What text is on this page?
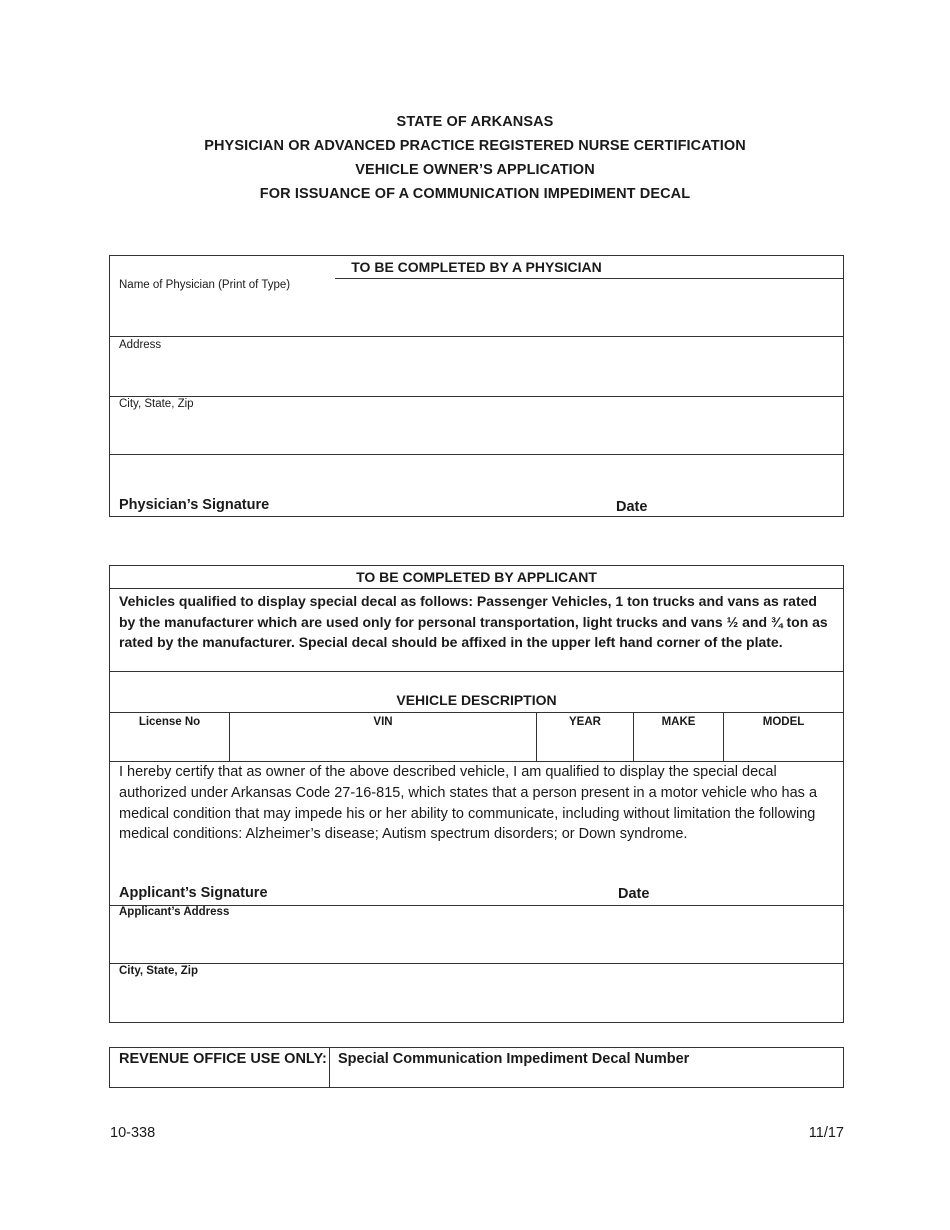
STATE OF ARKANSAS
PHYSICIAN OR ADVANCED PRACTICE REGISTERED NURSE CERTIFICATION
VEHICLE OWNER’S APPLICATION
FOR ISSUANCE OF A COMMUNICATION IMPEDIMENT DECAL
TO BE COMPLETED BY A PHYSICIAN
Name of Physician (Print of Type)
Address
City, State, Zip
Physician’s Signature	Date
TO BE COMPLETED BY APPLICANT
Vehicles qualified to display special decal as follows: Passenger Vehicles, 1 ton trucks and vans as rated by the manufacturer which are used only for personal transportation, light trucks and vans ½ and ¾ ton as rated by the manufacturer. Special decal should be affixed in the upper left hand corner of the plate.
VEHICLE DESCRIPTION
License No	VIN	YEAR	MAKE	MODEL
I hereby certify that as owner of the above described vehicle, I am qualified to display the special decal authorized under Arkansas Code 27-16-815, which states that a person present in a motor vehicle who has a medical condition that may impede his or her ability to communicate, including without limitation the following medical conditions: Alzheimer’s disease; Autism spectrum disorders; or Down syndrome.
Applicant’s Signature	Date
Applicant’s Address
City, State, Zip
REVENUE OFFICE USE ONLY: Special Communication Impediment Decal Number
10-338	11/17
